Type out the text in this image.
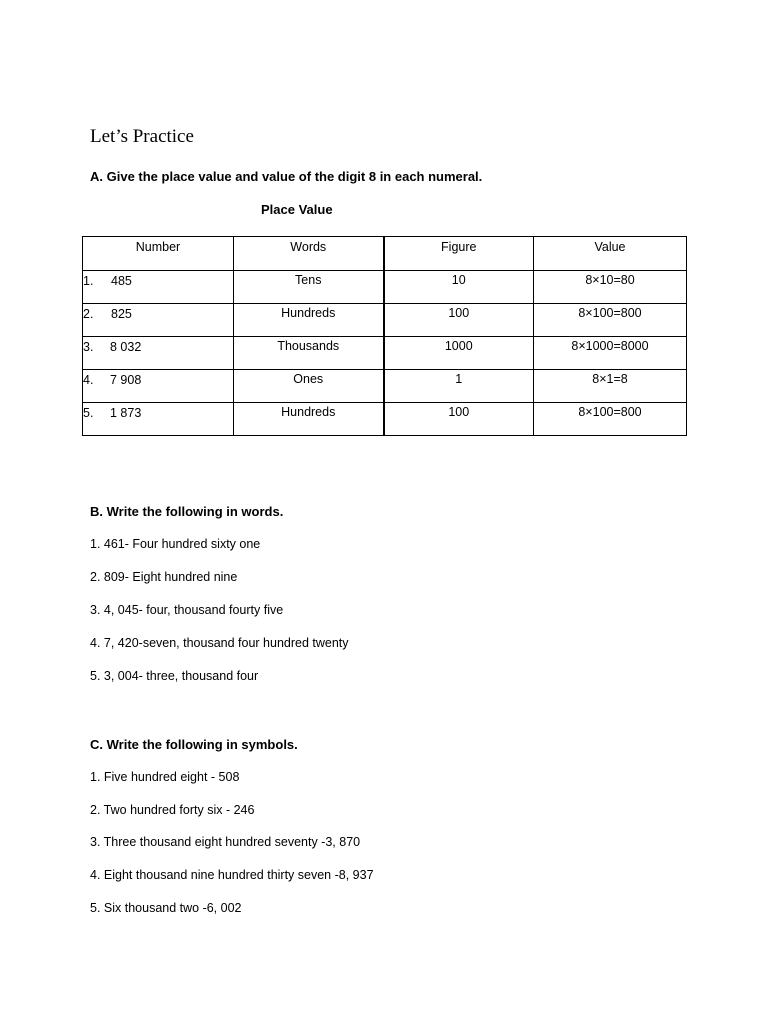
Let’s Practice
A. Give the place value and value of the digit 8 in each numeral.
Place Value
Number	Words	Figure	Value

1. 485	Tens	10	8×10=80

2. 825	Hundreds	100	8×100=800

3. 8 032	Thousands	1000	8×1000=8000

4. 7 908	Ones	1	8×1=8

5. 1 873	Hundreds	100	8×100=800
B. Write the following in words.
1. 461- Four hundred sixty one
2. 809- Eight hundred nine
3. 4, 045- four, thousand fourty five
4. 7, 420-seven, thousand four hundred twenty
5. 3, 004- three, thousand four
C. Write the following in symbols.
1. Five hundred eight - 508
2. Two hundred forty six - 246
3. Three thousand eight hundred seventy -3, 870
4. Eight thousand nine hundred thirty seven -8, 937
5. Six thousand two -6, 002
